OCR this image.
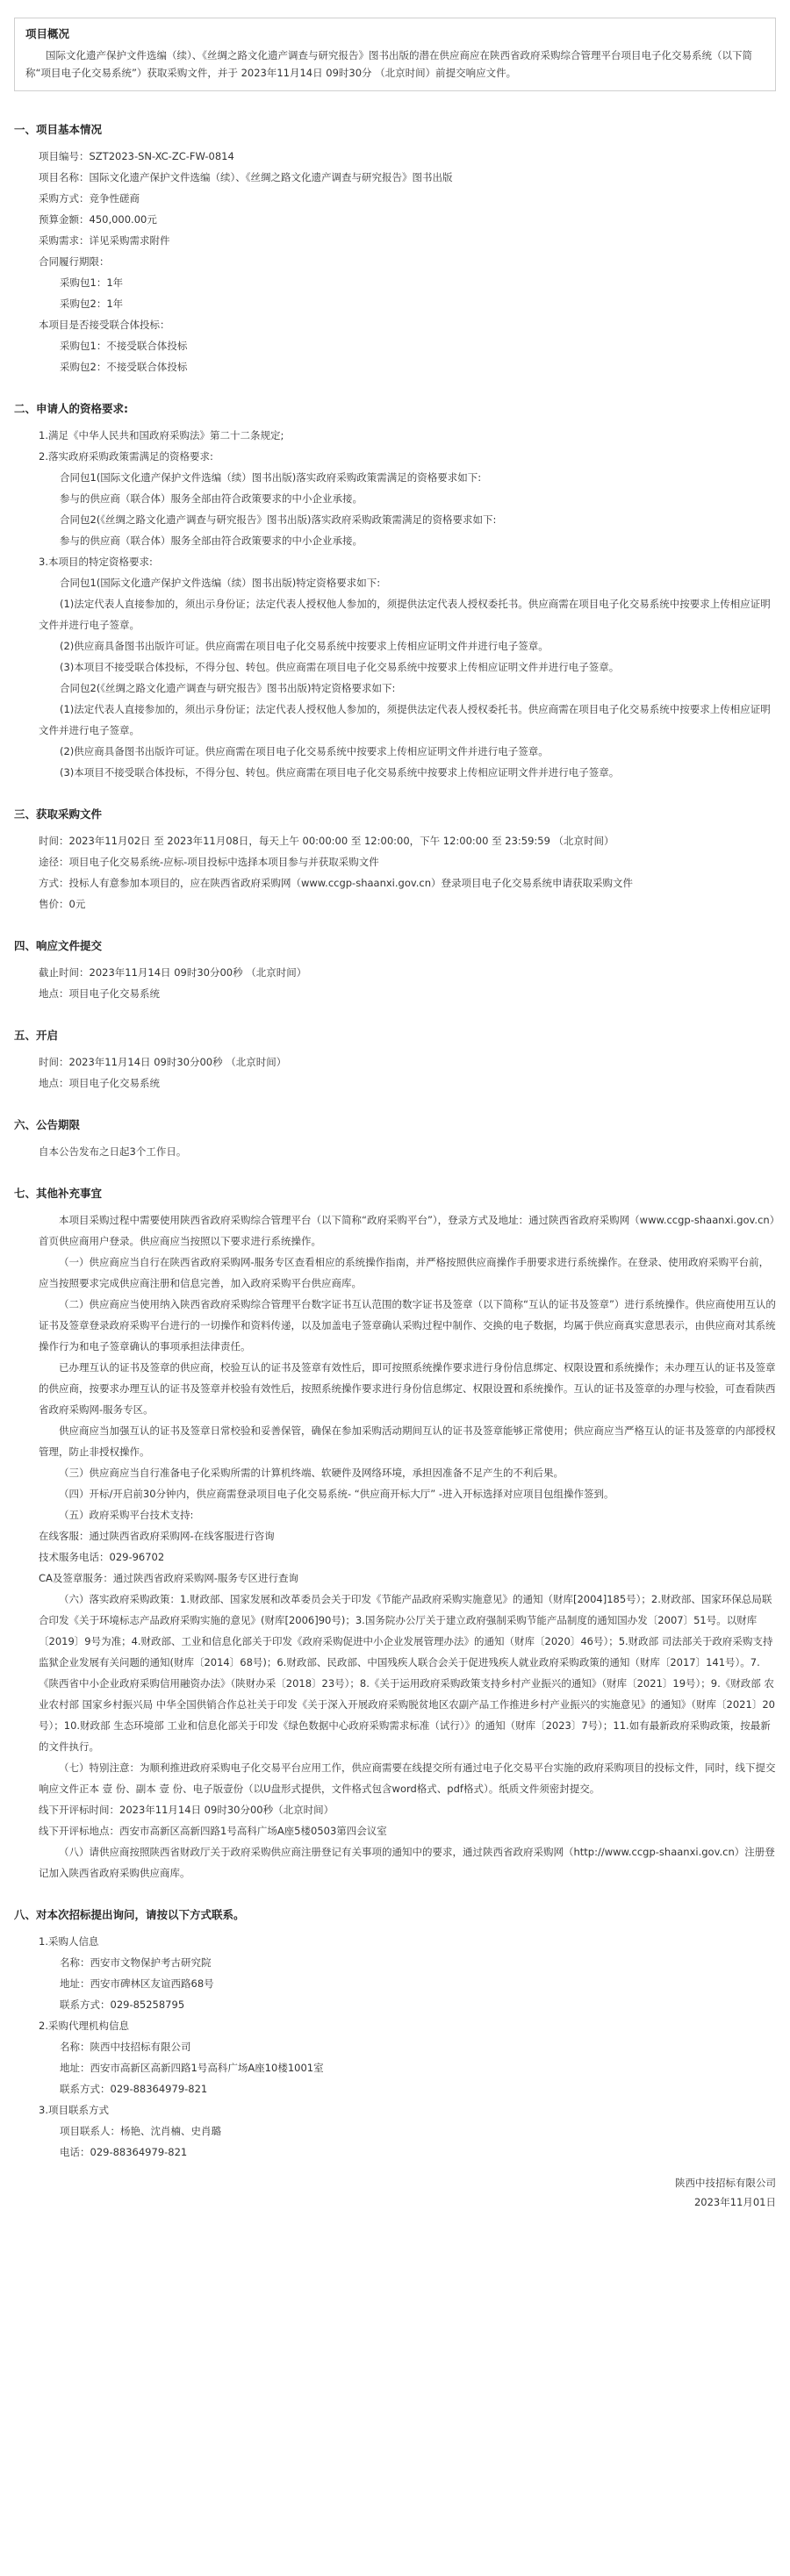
项目概况

国际文化遗产保护文件选编（续）、《丝绸之路文化遗产调查与研究报告》图书出版的潜在供应商应在陕西省政府采购综合管理平台项目电子化交易系统（以下简称“项目电子化交易系统”）获取采购文件，并于 2023年11月14日 09时30分 （北京时间）前提交响应文件。

一、项目基本情况
项目编号：SZT2023-SN-XC-ZC-FW-0814
项目名称：国际文化遗产保护文件选编（续）、《丝绸之路文化遗产调查与研究报告》图书出版
采购方式：竞争性磋商
预算金额：450,000.00元
采购需求：详见采购需求附件
合同履行期限：
采购包1：1年
采购包2：1年
本项目是否接受联合体投标：
采购包1：不接受联合体投标
采购包2：不接受联合体投标
二、申请人的资格要求:
1.满足《中华人民共和国政府采购法》第二十二条规定;
2.落实政府采购政策需满足的资格要求:
合同包1(国际文化遗产保护文件选编（续）图书出版)落实政府采购政策需满足的资格要求如下:
参与的供应商（联合体）服务全部由符合政策要求的中小企业承接。
合同包2(《丝绸之路文化遗产调查与研究报告》图书出版)落实政府采购政策需满足的资格要求如下:
参与的供应商（联合体）服务全部由符合政策要求的中小企业承接。
3.本项目的特定资格要求:
合同包1(国际文化遗产保护文件选编（续）图书出版)特定资格要求如下:
(1)法定代表人直接参加的，须出示身份证；法定代表人授权他人参加的，须提供法定代表人授权委托书。供应商需在项目电子化交易系统中按要求上传相应证明文件并进行电子签章。
(2)供应商具备图书出版许可证。供应商需在项目电子化交易系统中按要求上传相应证明文件并进行电子签章。
(3)本项目不接受联合体投标，不得分包、转包。供应商需在项目电子化交易系统中按要求上传相应证明文件并进行电子签章。
合同包2(《丝绸之路文化遗产调查与研究报告》图书出版)特定资格要求如下:
(1)法定代表人直接参加的，须出示身份证；法定代表人授权他人参加的，须提供法定代表人授权委托书。供应商需在项目电子化交易系统中按要求上传相应证明文件并进行电子签章。
(2)供应商具备图书出版许可证。供应商需在项目电子化交易系统中按要求上传相应证明文件并进行电子签章。
(3)本项目不接受联合体投标，不得分包、转包。供应商需在项目电子化交易系统中按要求上传相应证明文件并进行电子签章。
三、获取采购文件
时间：2023年11月02日 至 2023年11月08日，每天上午 00:00:00 至 12:00:00，下午 12:00:00 至 23:59:59 （北京时间）
途径：项目电子化交易系统-应标-项目投标中选择本项目参与并获取采购文件
方式：投标人有意参加本项目的，应在陕西省政府采购网（www.ccgp-shaanxi.gov.cn）登录项目电子化交易系统申请获取采购文件
售价：0元
四、响应文件提交
截止时间：2023年11月14日 09时30分00秒 （北京时间）
地点：项目电子化交易系统
五、开启
时间：2023年11月14日 09时30分00秒 （北京时间）
地点：项目电子化交易系统
六、公告期限
自本公告发布之日起3个工作日。
七、其他补充事宜
本项目采购过程中需要使用陕西省政府采购综合管理平台（以下简称“政府采购平台”），登录方式及地址：通过陕西省政府采购网（www.ccgp-shaanxi.gov.cn）首页供应商用户登录。供应商应当按照以下要求进行系统操作。
（一）供应商应当自行在陕西省政府采购网-服务专区查看相应的系统操作指南，并严格按照供应商操作手册要求进行系统操作。在登录、使用政府采购平台前，应当按照要求完成供应商注册和信息完善，加入政府采购平台供应商库。
（二）供应商应当使用纳入陕西省政府采购综合管理平台数字证书互认范围的数字证书及签章（以下简称“互认的证书及签章”）进行系统操作。供应商使用互认的证书及签章登录政府采购平台进行的一切操作和资料传递，以及加盖电子签章确认采购过程中制作、交换的电子数据，均属于供应商真实意思表示，由供应商对其系统操作行为和电子签章确认的事项承担法律责任。
已办理互认的证书及签章的供应商，校验互认的证书及签章有效性后，即可按照系统操作要求进行身份信息绑定、权限设置和系统操作；未办理互认的证书及签章的供应商，按要求办理互认的证书及签章并校验有效性后，按照系统操作要求进行身份信息绑定、权限设置和系统操作。互认的证书及签章的办理与校验，可查看陕西省政府采购网-服务专区。
供应商应当加强互认的证书及签章日常校验和妥善保管，确保在参加采购活动期间互认的证书及签章能够正常使用；供应商应当严格互认的证书及签章的内部授权管理，防止非授权操作。
（三）供应商应当自行准备电子化采购所需的计算机终端、软硬件及网络环境，承担因准备不足产生的不利后果。
（四）开标/开启前30分钟内，供应商需登录项目电子化交易系统- “供应商开标大厅” -进入开标选择对应项目包组操作签到。
（五）政府采购平台技术支持:
在线客服：通过陕西省政府采购网-在线客服进行咨询
技术服务电话：029-96702
CA及签章服务：通过陕西省政府采购网-服务专区进行查询
（六）落实政府采购政策：1.财政部、国家发展和改革委员会关于印发《节能产品政府采购实施意见》的通知（财库[2004]185号）；2.财政部、国家环保总局联合印发《关于环境标志产品政府采购实施的意见》(财库[2006]90号)；3.国务院办公厅关于建立政府强制采购节能产品制度的通知国办发〔2007〕51号。以财库〔2019〕9号为准；4.财政部、工业和信息化部关于印发《政府采购促进中小企业发展管理办法》的通知（财库〔2020〕46号）；5.财政部 司法部关于政府采购支持监狱企业发展有关问题的通知(财库〔2014〕68号)；6.财政部、民政部、中国残疾人联合会关于促进残疾人就业政府采购政策的通知（财库〔2017〕141号）。7.《陕西省中小企业政府采购信用融资办法》（陕财办采〔2018〕23号）；8.《关于运用政府采购政策支持乡村产业振兴的通知》（财库〔2021〕19号）；9.《财政部 农业农村部 国家乡村振兴局 中华全国供销合作总社关于印发《关于深入开展政府采购脱贫地区农副产品工作推进乡村产业振兴的实施意见》的通知》（财库〔2021〕20 号）；10.财政部 生态环境部 工业和信息化部关于印发《绿色数据中心政府采购需求标准（试行）》的通知（财库〔2023〕7号）；11.如有最新政府采购政策，按最新的文件执行。
（七）特别注意：为顺利推进政府采购电子化交易平台应用工作，供应商需要在线提交所有通过电子化交易平台实施的政府采购项目的投标文件，同时，线下提交响应文件正本 壹 份、副本 壹 份、电子版壹份（以U盘形式提供，文件格式包含word格式、pdf格式）。纸质文件须密封提交。
线下开评标时间：2023年11月14日 09时30分00秒（北京时间）
线下开评标地点：西安市高新区高新四路1号高科广场A座5楼0503第四会议室
（八）请供应商按照陕西省财政厅关于政府采购供应商注册登记有关事项的通知中的要求，通过陕西省政府采购网（http://www.ccgp-shaanxi.gov.cn）注册登记加入陕西省政府采购供应商库。
八、对本次招标提出询问，请按以下方式联系。
1.采购人信息
名称：西安市文物保护考古研究院
地址：西安市碑林区友谊西路68号
联系方式：029-85258795
2.采购代理机构信息
名称：陕西中技招标有限公司
地址：西安市高新区高新四路1号高科广场A座10楼1001室
联系方式：029-88364979-821
3.项目联系方式
项目联系人：杨艳、沈肖楠、史肖璐
电话：029-88364979-821
陕西中技招标有限公司
2023年11月01日
